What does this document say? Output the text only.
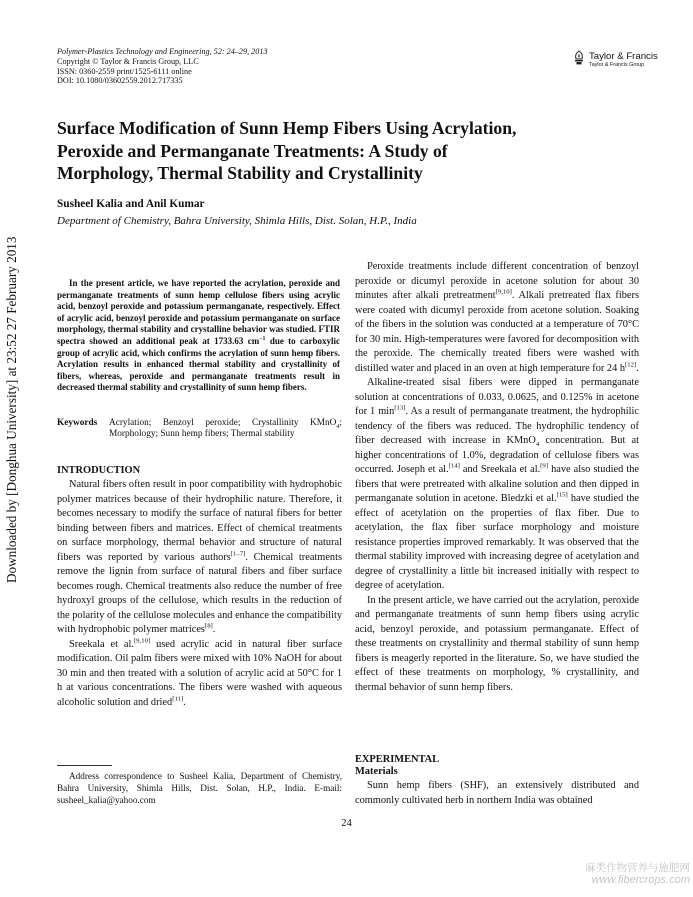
Downloaded by [Donghua University] at 23:52 27 February 2013
Polymer-Plastics Technology and Engineering, 52: 24–29, 2013
Copyright © Taylor & Francis Group, LLC
ISSN: 0360-2559 print/1525-6111 online
DOI: 10.1080/03602559.2012.717335
Taylor & Francis
Taylor & Francis Group
Surface Modification of Sunn Hemp Fibers Using Acrylation,
Peroxide and Permanganate Treatments: A Study of
Morphology, Thermal Stability and Crystallinity
Susheel Kalia and Anil Kumar
Department of Chemistry, Bahra University, Shimla Hills, Dist. Solan, H.P., India
In the present article, we have reported the acrylation, peroxide and permanganate treatments of sunn hemp cellulose fibers using acrylic acid, benzoyl peroxide and potassium permanganate, respectively. Effect of acrylic acid, benzoyl peroxide and potassium permanganate on surface morphology, thermal stability and crystalline behavior was studied. FTIR spectra showed an additional peak at 1733.63 $cm^{-1}$ due to carboxylic group of acrylic acid, which confirms the acrylation of sunn hemp fibers. Acrylation results in enhanced thermal stability and crystallinity of fibers, whereas, peroxide and permanganate treatments result in decreased thermal stability and crystallinity of sunn hemp fibers.
Keywords	Acrylation; Benzoyl peroxide; Crystallinity KMnO$_4$; Morphology; Sunn hemp fibers; Thermal stability
INTRODUCTION

Natural fibers often result in poor compatibility with hydrophobic polymer matrices because of their hydrophilic nature. Therefore, it becomes necessary to modify the surface of natural fibers for better binding between fibers and matrices. Effect of chemical treatments on surface morphology, thermal behavior and structure of natural fibers was reported by various authors[1–7]. Chemical treatments remove the lignin from surface of natural fibers and fiber surface becomes rough. Chemical treatments also reduce the number of free hydroxyl groups of the cellulose, which results in the reduction of the polarity of the cellulose molecules and enhance the compatibility with hydrophobic polymer matrices[8].

Sreekala et al.[9,10] used acrylic acid in natural fiber surface modification. Oil palm fibers were mixed with 10% NaOH for about 30 min and then treated with a solution of acrylic acid at 50°C for 1 h at various concentrations. The fibers were washed with aqueous alcoholic solution and dried[11].

Address correspondence to Susheel Kalia, Department of Chemistry, Bahra University, Shimla Hills, Dist. Solan, H.P., India. E-mail: susheel_kalia@yahoo.com

Peroxide treatments include different concentration of benzoyl peroxide or dicumyl peroxide in acetone solution for about 30 minutes after alkali pretreatment[9,10]. Alkali pretreated flax fibers were coated with dicumyl peroxide from acetone solution. Soaking of the fibers in the solution was conducted at a temperature of 70°C for 30 min. High-temperatures were favored for decomposition with the peroxide. The chemically treated fibers were washed with distilled water and placed in an oven at high temperature for 24 h[12].

Alkaline-treated sisal fibers were dipped in permanganate solution at concentrations of 0.033, 0.0625, and 0.125% in acetone for 1 min[13]. As a result of permanganate treatment, the hydrophilic tendency of the fibers was reduced. The hydrophilic tendency of fiber decreased with increase in KMnO$_4$ concentration. But at higher concentrations of 1.0%, degradation of cellulose fibers was occurred. Joseph et al.[14] and Sreekala et al.[9] have also studied the fibers that were pretreated with alkaline solution and then dipped in permanganate solution in acetone. Bledzki et al.[15] have studied the effect of acetylation on the properties of flax fiber. Due to acetylation, the flax fiber surface morphology and moisture resistance properties improved remarkably. It was observed that the thermal stability improved with increasing degree of acetylation and degree of crystallinity a little bit increased initially with respect to degree of acetylation.

In the present article, we have carried out the acrylation, peroxide and permanganate treatments of sunn hemp fibers using acrylic acid, benzoyl peroxide, and potassium permanganate. Effect of these treatments on crystallinity and thermal stability of sunn hemp fibers is meagerly reported in the literature. So, we have studied the effect of these treatments on morphology, % crystallinity, and thermal behavior of sunn hemp fibers.

EXPERIMENTAL
Materials

Sunn hemp fibers (SHF), an extensively distributed and commonly cultivated herb in northern India was obtained

24
麻类作物营养与施肥网
www.fibercrops.com
